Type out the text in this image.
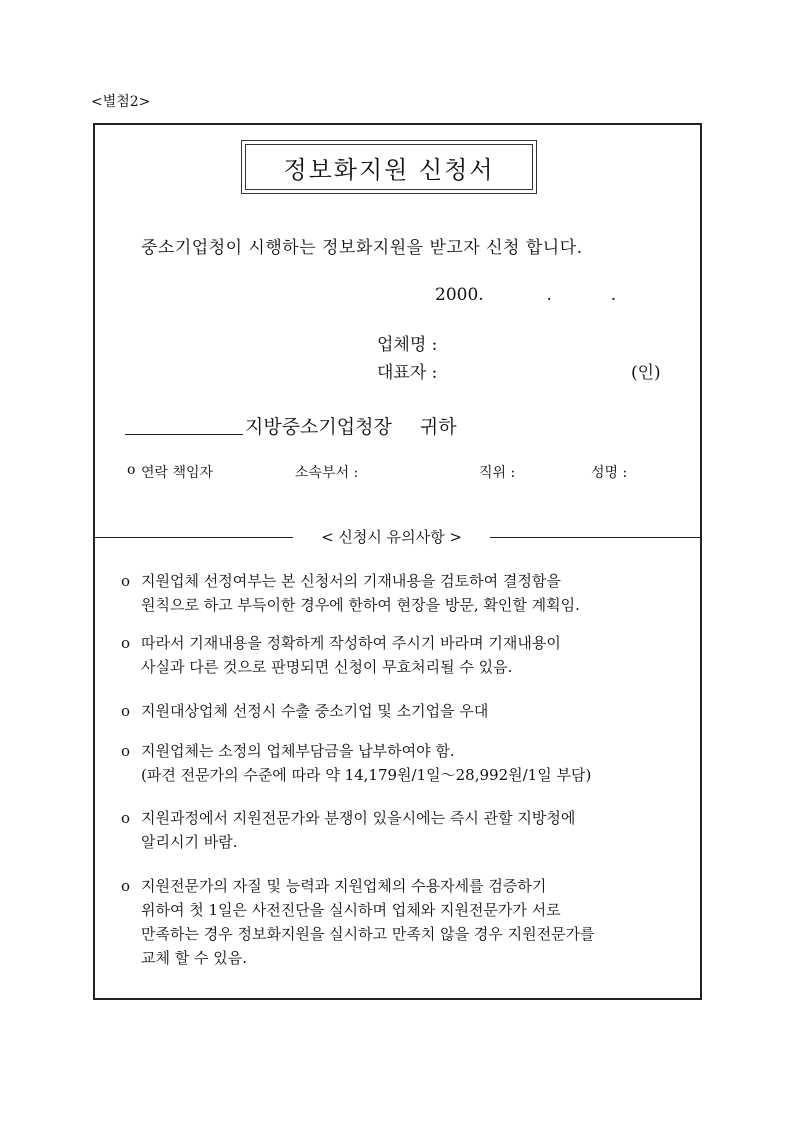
<별첨2>
정보화지원 신청서
중소기업청이 시행하는 정보화지원을 받고자 신청 합니다.
2000.	.	.
업체명 :
대표자 :	(인)
지방중소기업청장 귀하
o 연락 책임자	소속부서 :	직위 :	성명 :
< 신청시 유의사항 >
o 지원업체 선정여부는 본 신청서의 기재내용을 검토하여 결정함을
원칙으로 하고 부득이한 경우에 한하여 현장을 방문, 확인할 계획임.
o 따라서 기재내용을 정확하게 작성하여 주시기 바라며 기재내용이
사실과 다른 것으로 판명되면 신청이 무효처리될 수 있음.
o 지원대상업체 선정시 수출 중소기업 및 소기업을 우대
o 지원업체는 소정의 업체부담금을 납부하여야 함.
(파견 전문가의 수준에 따라 약 14,179원/1일～28,992원/1일 부담)
o 지원과정에서 지원전문가와 분쟁이 있을시에는 즉시 관할 지방청에
알리시기 바람.
o 지원전문가의 자질 및 능력과 지원업체의 수용자세를 검증하기
위하여 첫 1일은 사전진단을 실시하며 업체와 지원전문가가 서로
만족하는 경우 정보화지원을 실시하고 만족치 않을 경우 지원전문가를
교체 할 수 있음.
